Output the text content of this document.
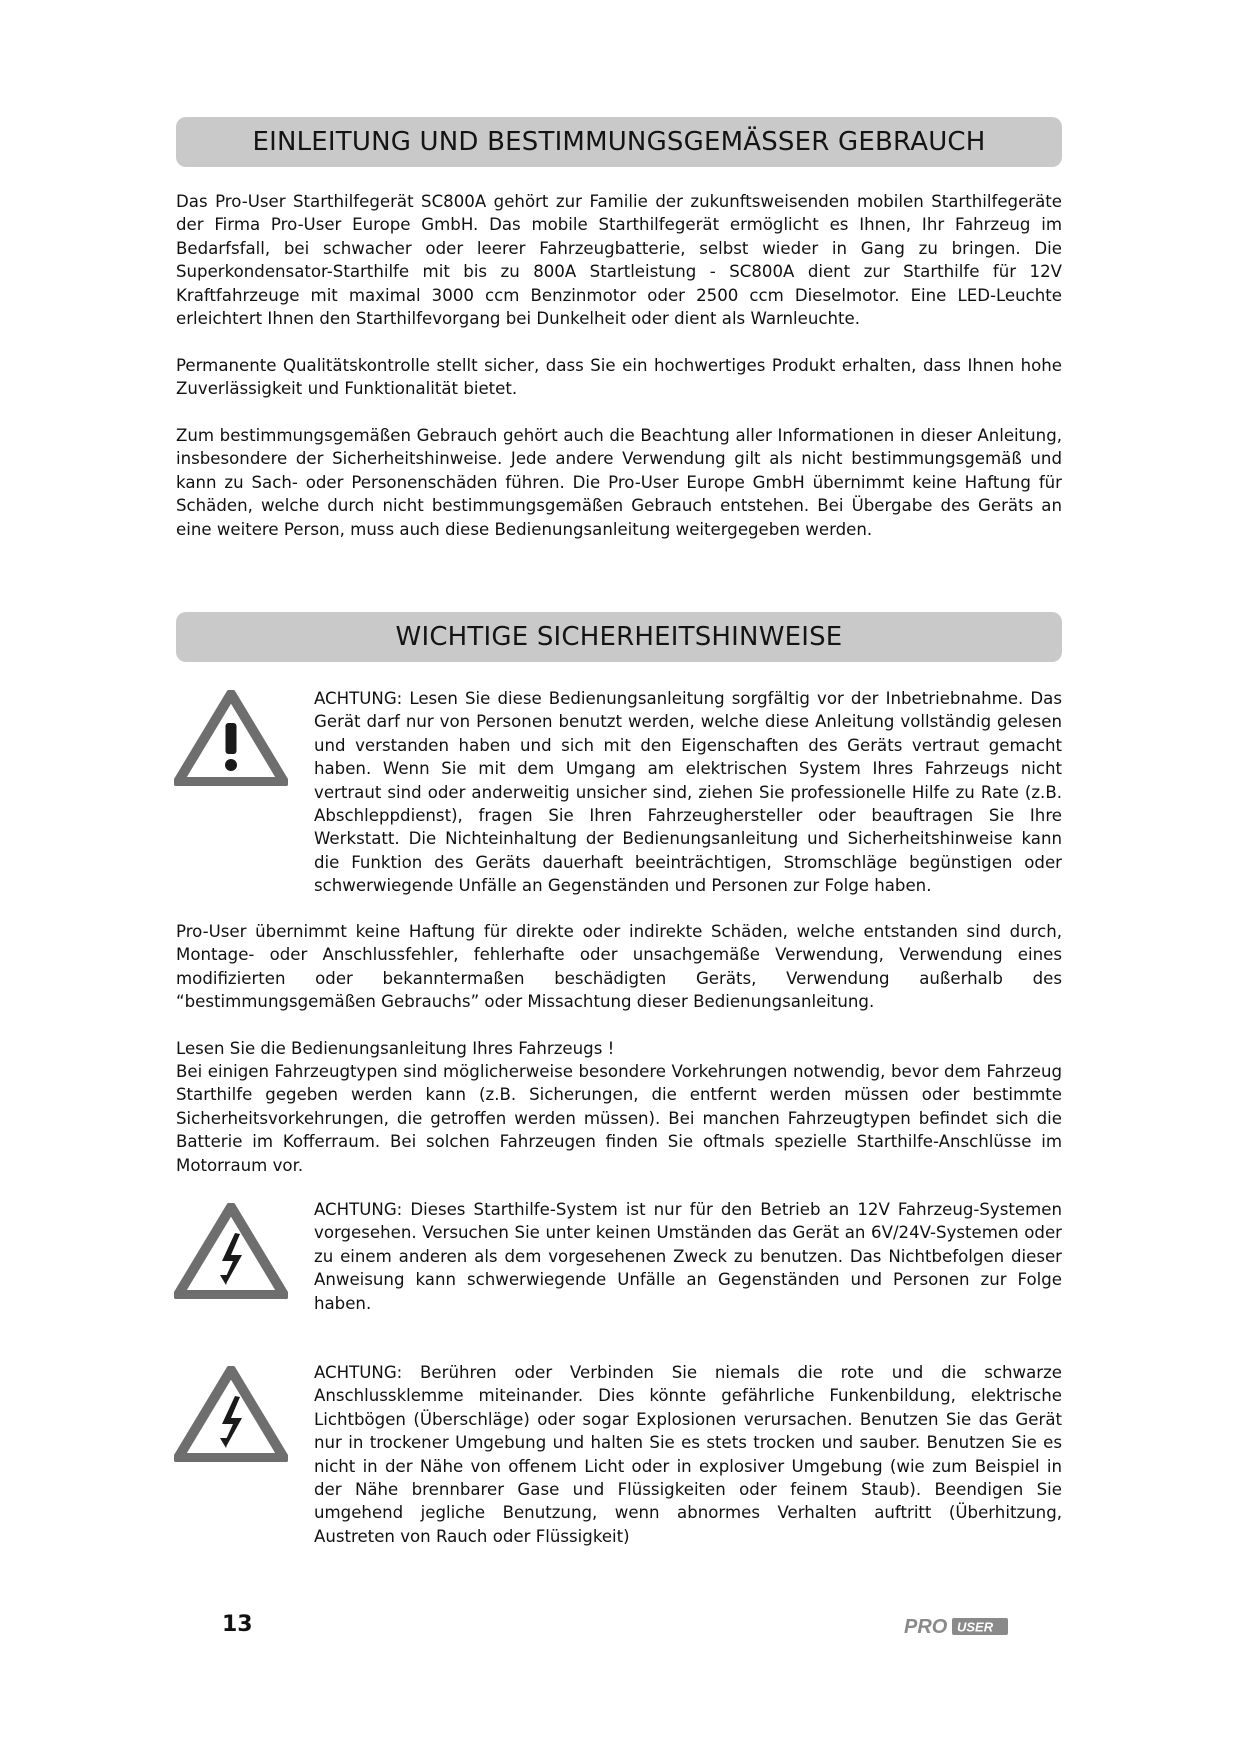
EINLEITUNG UND BESTIMMUNGSGEMÄSSER GEBRAUCH

Das Pro-User Starthilfegerät SC800A gehört zur Familie der zukunftsweisenden mobilen Starthilfegeräte der Firma Pro-User Europe GmbH. Das mobile Starthilfegerät ermöglicht es Ihnen, Ihr Fahrzeug im Bedarfsfall, bei schwacher oder leerer Fahrzeugbatterie, selbst wieder in Gang zu bringen. Die Superkondensator-Starthilfe mit bis zu 800A Startleistung - SC800A dient zur Starthilfe für 12V Kraftfahrzeuge mit maximal 3000 ccm Benzinmotor oder 2500 ccm Dieselmotor. Eine LED-Leuchte erleichtert Ihnen den Starthilfevorgang bei Dunkelheit oder dient als Warnleuchte.

Permanente Qualitätskontrolle stellt sicher, dass Sie ein hochwertiges Produkt erhalten, dass Ihnen hohe Zuverlässigkeit und Funktionalität bietet.

Zum bestimmungsgemäßen Gebrauch gehört auch die Beachtung aller Informationen in dieser Anleitung, insbesondere der Sicherheitshinweise. Jede andere Verwendung gilt als nicht bestimmungsgemäß und kann zu Sach- oder Personenschäden führen. Die Pro-User Europe GmbH übernimmt keine Haftung für Schäden, welche durch nicht bestimmungsgemäßen Gebrauch entstehen. Bei Übergabe des Geräts an eine weitere Person, muss auch diese Bedienungsanleitung weitergegeben werden.

WICHTIGE SICHERHEITSHINWEISE

ACHTUNG: Lesen Sie diese Bedienungsanleitung sorgfältig vor der Inbetriebnahme. Das Gerät darf nur von Personen benutzt werden, welche diese Anleitung vollständig gelesen und verstanden haben und sich mit den Eigenschaften des Geräts vertraut gemacht haben. Wenn Sie mit dem Umgang am elektrischen System Ihres Fahrzeugs nicht vertraut sind oder anderweitig unsicher sind, ziehen Sie professionelle Hilfe zu Rate (z.B. Abschleppdienst), fragen Sie Ihren Fahrzeughersteller oder beauftragen Sie Ihre Werkstatt. Die Nichteinhaltung der Bedienungsanleitung und Sicherheitshinweise kann die Funktion des Geräts dauerhaft beeinträchtigen, Stromschläge begünstigen oder schwerwiegende Unfälle an Gegenständen und Personen zur Folge haben.

Pro-User übernimmt keine Haftung für direkte oder indirekte Schäden, welche entstanden sind durch, Montage- oder Anschlussfehler, fehlerhafte oder unsachgemäße Verwendung, Verwendung eines modifizierten oder bekanntermaßen beschädigten Geräts, Verwendung außerhalb des “bestimmungsgemäßen Gebrauchs” oder Missachtung dieser Bedienungsanleitung.

Lesen Sie die Bedienungsanleitung Ihres Fahrzeugs !

Bei einigen Fahrzeugtypen sind möglicherweise besondere Vorkehrungen notwendig, bevor dem Fahrzeug Starthilfe gegeben werden kann (z.B. Sicherungen, die entfernt werden müssen oder bestimmte Sicherheitsvorkehrungen, die getroffen werden müssen). Bei manchen Fahrzeugtypen befindet sich die Batterie im Kofferraum. Bei solchen Fahrzeugen finden Sie oftmals spezielle Starthilfe-Anschlüsse im Motorraum vor.

ACHTUNG: Dieses Starthilfe-System ist nur für den Betrieb an 12V Fahrzeug-Systemen vorgesehen. Versuchen Sie unter keinen Umständen das Gerät an 6V/24V-Systemen oder zu einem anderen als dem vorgesehenen Zweck zu benutzen. Das Nichtbefolgen dieser Anweisung kann schwerwiegende Unfälle an Gegenständen und Personen zur Folge haben.

ACHTUNG: Berühren oder Verbinden Sie niemals die rote und die schwarze Anschlussklemme miteinander. Dies könnte gefährliche Funkenbildung, elektrische Lichtbögen (Überschläge) oder sogar Explosionen verursachen. Benutzen Sie das Gerät nur in trockener Umgebung und halten Sie es stets trocken und sauber. Benutzen Sie es nicht in der Nähe von offenem Licht oder in explosiver Umgebung (wie zum Beispiel in der Nähe brennbarer Gase und Flüssigkeiten oder feinem Staub). Beendigen Sie umgehend jegliche Benutzung, wenn abnormes Verhalten auftritt (Überhitzung, Austreten von Rauch oder Flüssigkeit)

13	PRO USER
